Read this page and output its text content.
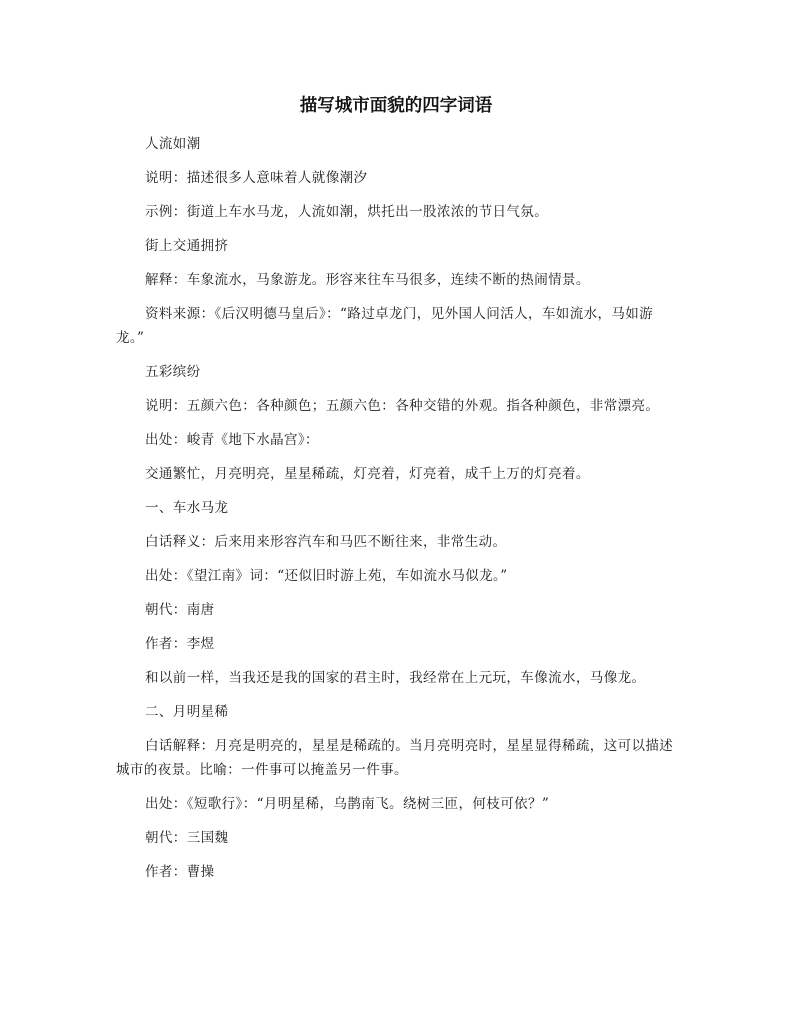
描写城市面貌的四字词语

人流如潮

说明：描述很多人意味着人就像潮汐

示例：街道上车水马龙，人流如潮，烘托出一股浓浓的节日气氛。

街上交通拥挤

解释：车象流水，马象游龙。形容来往车马很多，连续不断的热闹情景。

资料来源：《后汉明德马皇后》：“路过卓龙门，见外国人问活人，车如流水，马如游龙。”

五彩缤纷

说明：五颜六色：各种颜色；五颜六色：各种交错的外观。指各种颜色，非常漂亮。

出处：峻青《地下水晶宫》：

交通繁忙，月亮明亮，星星稀疏，灯亮着，灯亮着，成千上万的灯亮着。

一、车水马龙

白话释义：后来用来形容汽车和马匹不断往来，非常生动。

出处：《望江南》词：“还似旧时游上苑，车如流水马似龙。”

朝代：南唐

作者：李煜

和以前一样，当我还是我的国家的君主时，我经常在上元玩，车像流水，马像龙。

二、月明星稀

白话解释：月亮是明亮的，星星是稀疏的。当月亮明亮时，星星显得稀疏，这可以描述城市的夜景。比喻：一件事可以掩盖另一件事。

出处：《短歌行》：“月明星稀，乌鹊南飞。绕树三匝，何枝可依？”

朝代：三国魏

作者：曹操
